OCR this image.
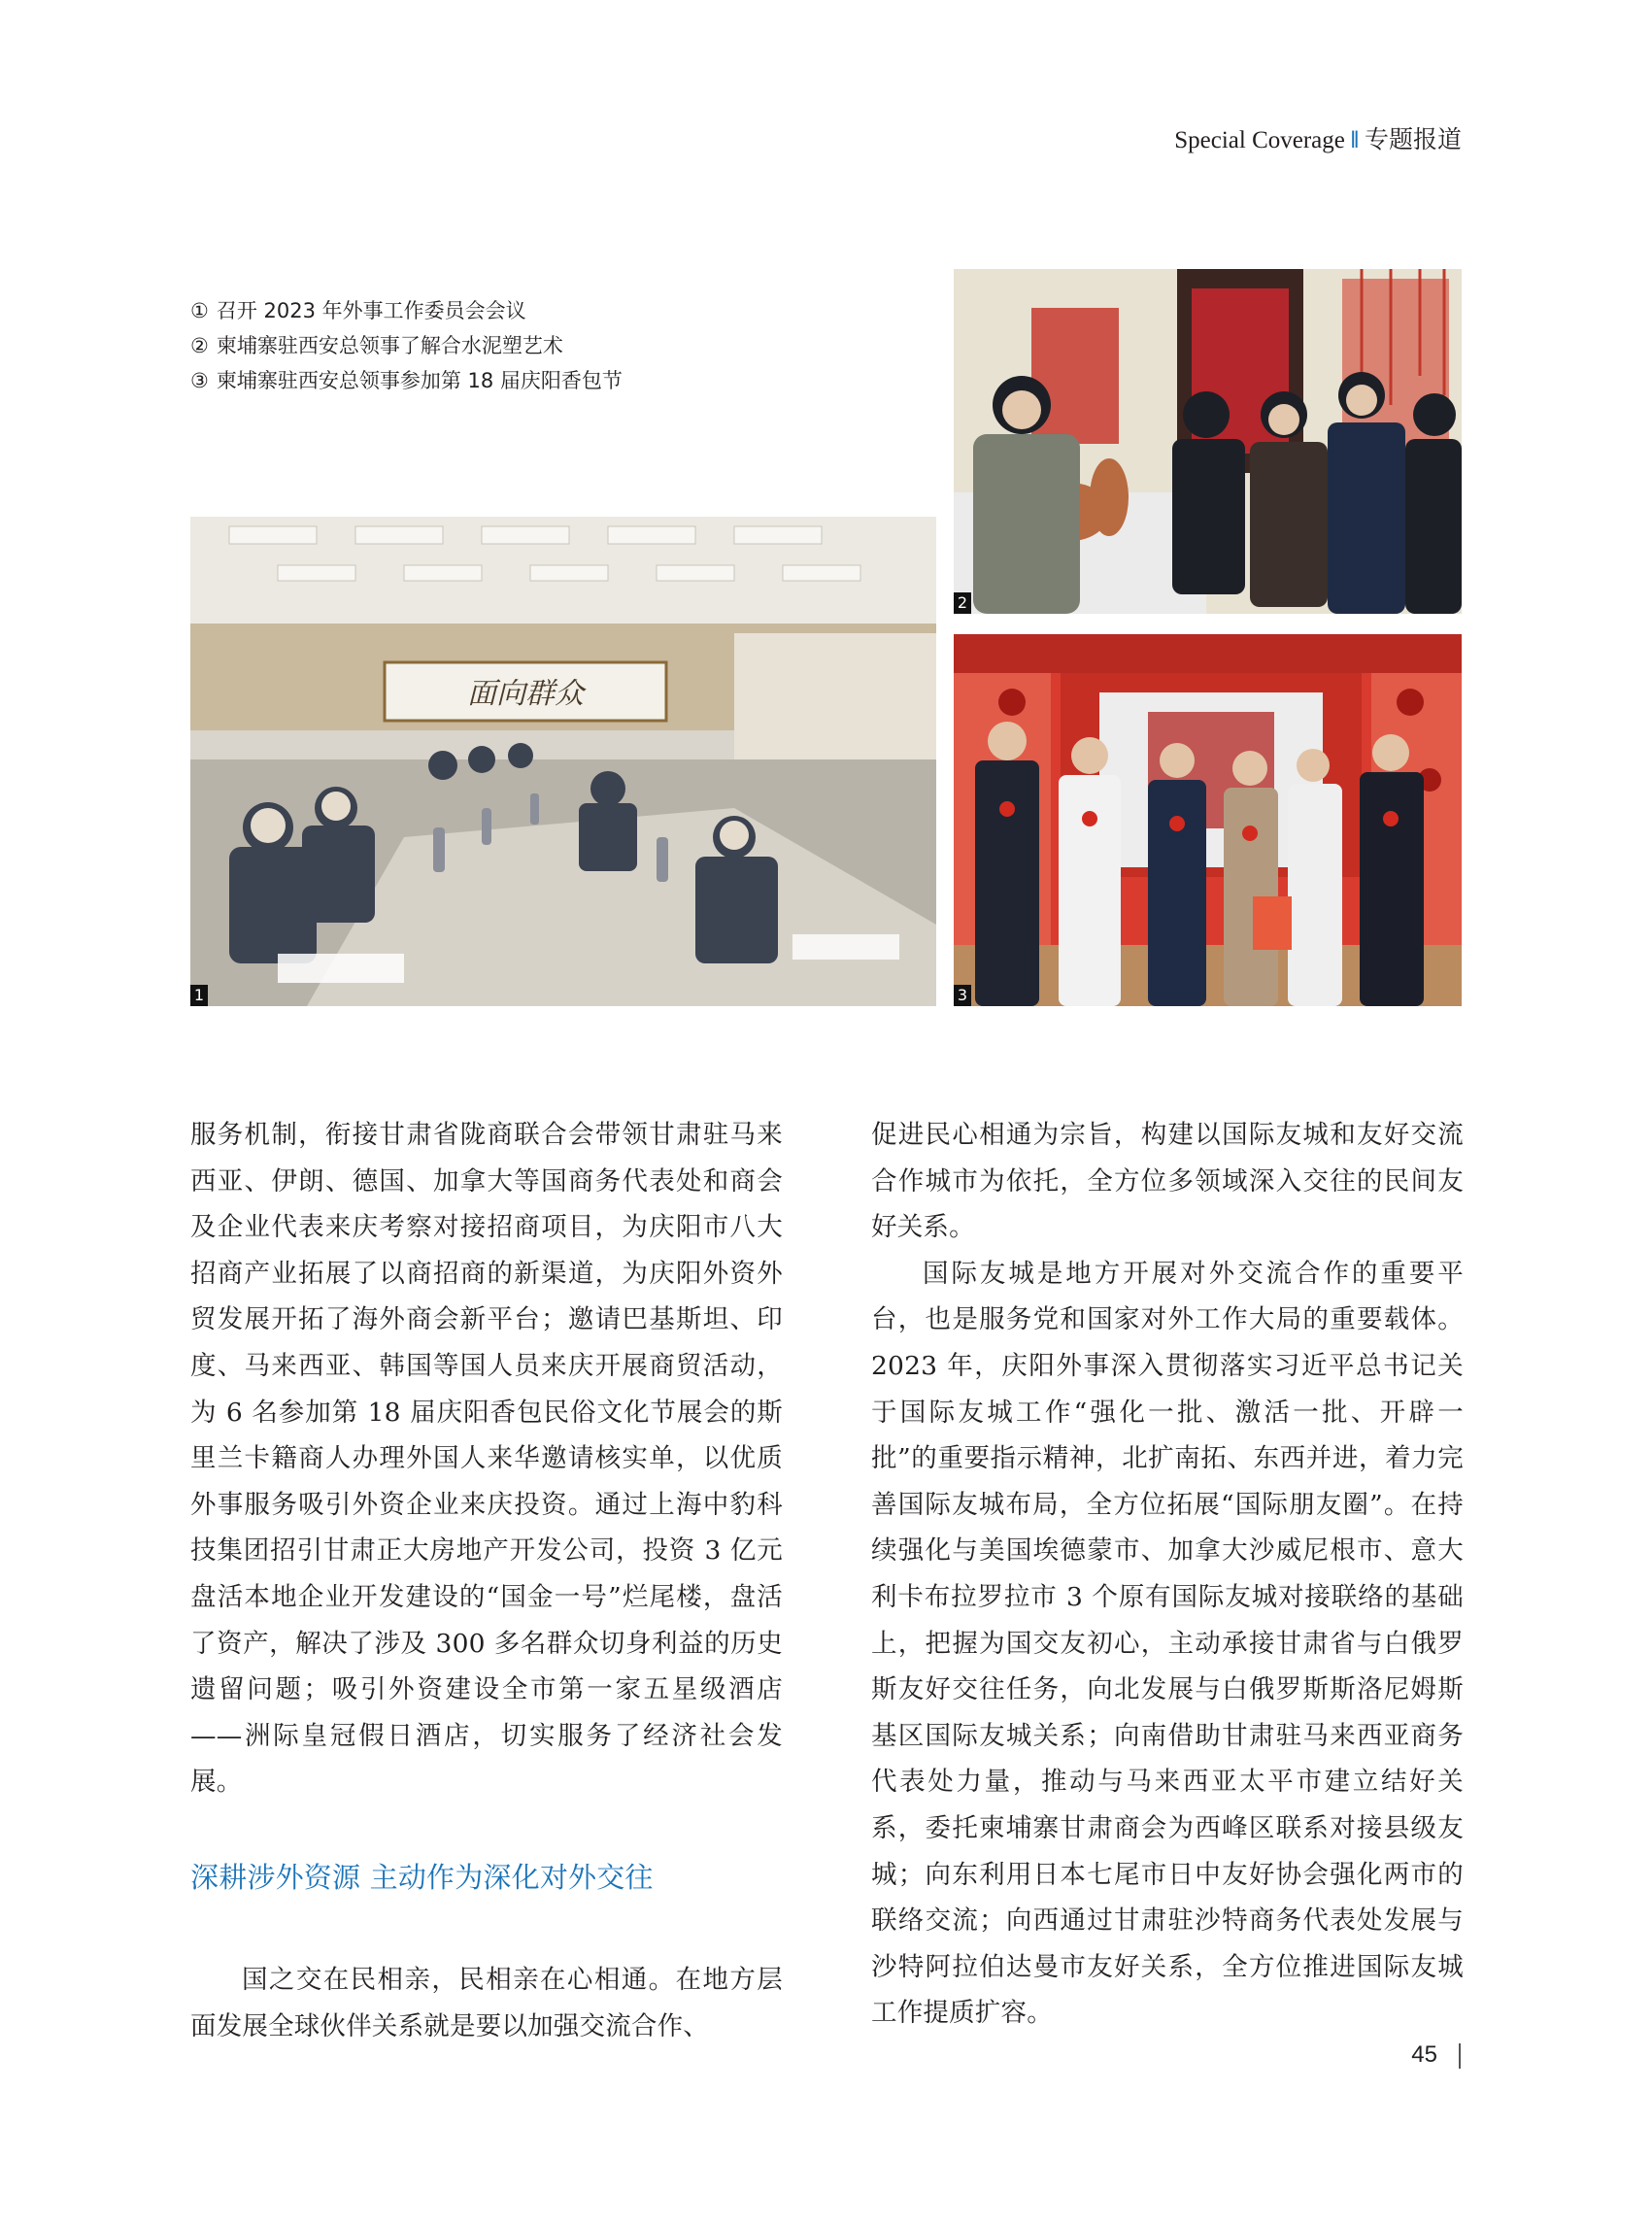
Special Coverage ‖ 专题报道
① 召开 2023 年外事工作委员会会议
② 柬埔寨驻西安总领事了解合水泥塑艺术
③ 柬埔寨驻西安总领事参加第 18 届庆阳香包节
面向群众
1
2
3

服务机制，衔接甘肃省陇商联合会带领甘肃驻马来西亚、伊朗、德国、加拿大等国商务代表处和商会及企业代表来庆考察对接招商项目，为庆阳市八大招商产业拓展了以商招商的新渠道，为庆阳外资外贸发展开拓了海外商会新平台；邀请巴基斯坦、印度、马来西亚、韩国等国人员来庆开展商贸活动，为 6 名参加第 18 届庆阳香包民俗文化节展会的斯里兰卡籍商人办理外国人来华邀请核实单，以优质外事服务吸引外资企业来庆投资。通过上海中豹科技集团招引甘肃正大房地产开发公司，投资 3 亿元盘活本地企业开发建设的“国金一号”烂尾楼，盘活了资产，解决了涉及 300 多名群众切身利益的历史遗留问题；吸引外资建设全市第一家五星级酒店——洲际皇冠假日酒店，切实服务了经济社会发展。

深耕涉外资源 主动作为深化对外交往

国之交在民相亲，民相亲在心相通。在地方层面发展全球伙伴关系就是要以加强交流合作、

促进民心相通为宗旨，构建以国际友城和友好交流合作城市为依托，全方位多领域深入交往的民间友好关系。

国际友城是地方开展对外交流合作的重要平台，也是服务党和国家对外工作大局的重要载体。2023 年，庆阳外事深入贯彻落实习近平总书记关于国际友城工作“强化一批、激活一批、开辟一批”的重要指示精神，北扩南拓、东西并进，着力完善国际友城布局，全方位拓展“国际朋友圈”。在持续强化与美国埃德蒙市、加拿大沙威尼根市、意大利卡布拉罗拉市 3 个原有国际友城对接联络的基础上，把握为国交友初心，主动承接甘肃省与白俄罗斯友好交往任务，向北发展与白俄罗斯斯洛尼姆斯基区国际友城关系；向南借助甘肃驻马来西亚商务代表处力量，推动与马来西亚太平市建立结好关系，委托柬埔寨甘肃商会为西峰区联系对接县级友城；向东利用日本七尾市日中友好协会强化两市的联络交流；向西通过甘肃驻沙特商务代表处发展与沙特阿拉伯达曼市友好关系，全方位推进国际友城工作提质扩容。

45
